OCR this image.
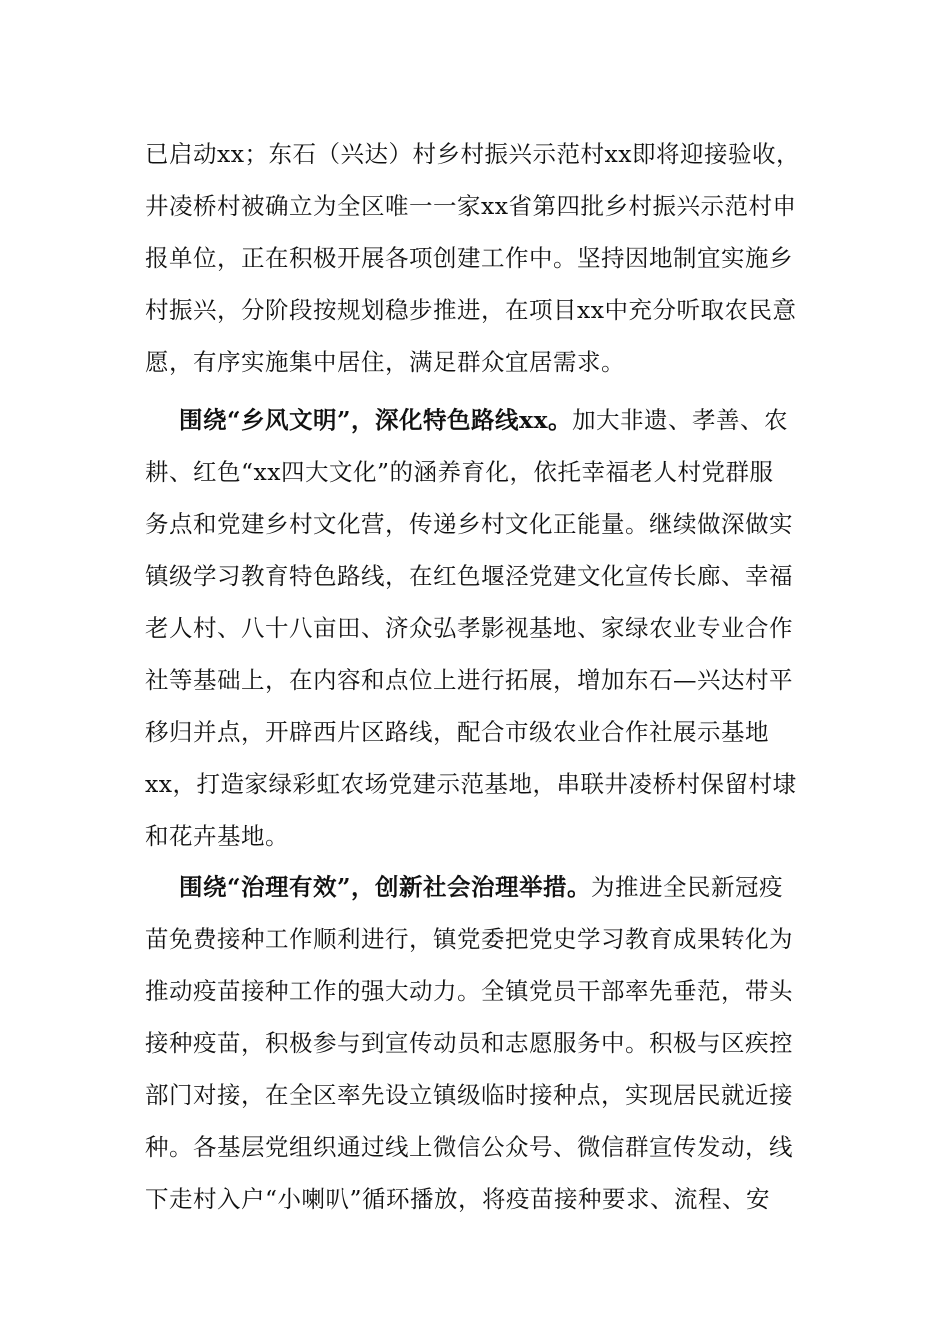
已启动xx；东石（兴达）村乡村振兴示范村xx即将迎接验收，
井凌桥村被确立为全区唯一一家xx省第四批乡村振兴示范村申
报单位，正在积极开展各项创建工作中。坚持因地制宜实施乡
村振兴，分阶段按规划稳步推进，在项目xx中充分听取农民意
愿，有序实施集中居住，满足群众宜居需求。
围绕“乡风文明”，深化特色路线xx。加大非遗、孝善、农
耕、红色“xx四大文化”的涵养育化，依托幸福老人村党群服
务点和党建乡村文化营，传递乡村文化正能量。继续做深做实
镇级学习教育特色路线，在红色堰泾党建文化宣传长廊、幸福
老人村、八十八亩田、济众弘孝影视基地、家绿农业专业合作
社等基础上，在内容和点位上进行拓展，增加东石—兴达村平
移归并点，开辟西片区路线，配合市级农业合作社展示基地
xx，打造家绿彩虹农场党建示范基地，串联井凌桥村保留村埭
和花卉基地。
围绕“治理有效”，创新社会治理举措。为推进全民新冠疫
苗免费接种工作顺利进行，镇党委把党史学习教育成果转化为
推动疫苗接种工作的强大动力。全镇党员干部率先垂范，带头
接种疫苗，积极参与到宣传动员和志愿服务中。积极与区疾控
部门对接，在全区率先设立镇级临时接种点，实现居民就近接
种。各基层党组织通过线上微信公众号、微信群宣传发动，线
下走村入户“小喇叭”循环播放，将疫苗接种要求、流程、安
